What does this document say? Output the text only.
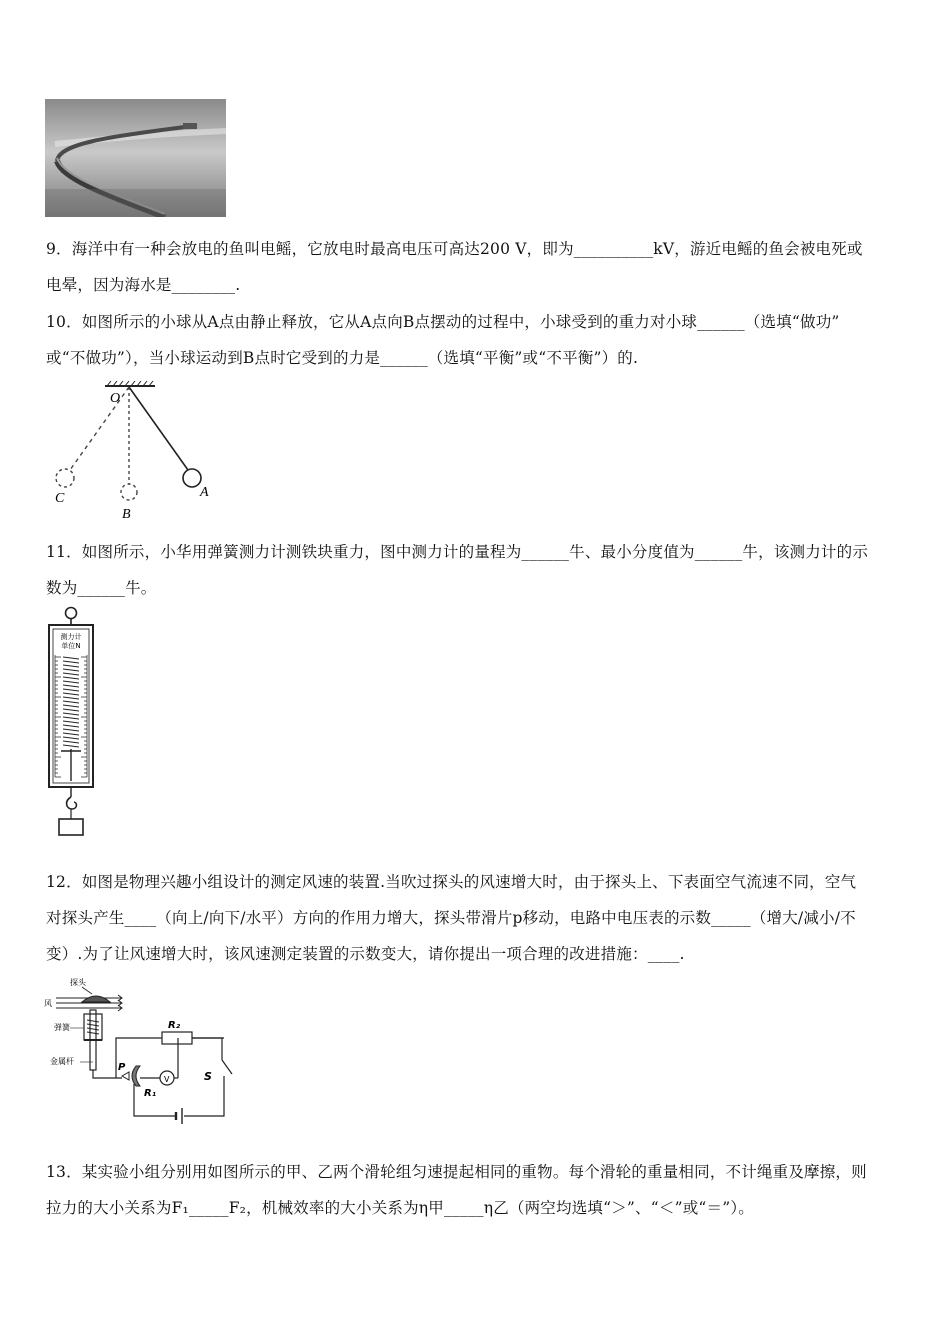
9．海洋中有一种会放电的鱼叫电鳐，它放电时最高电压可高达200 V，即为__________kV，游近电鳐的鱼会被电死或
电晕，因为海水是________.
10．如图所示的小球从A点由静止释放，它从A点向B点摆动的过程中，小球受到的重力对小球______（选填“做功”
或“不做功”），当小球运动到B点时它受到的力是______（选填“平衡”或“不平衡”）的.
O
A
B
C
11．如图所示，小华用弹簧测力计测铁块重力，图中测力计的量程为______牛、最小分度值为______牛，该测力计的示
数为______牛。
测力计
单位N
12．如图是物理兴趣小组设计的测定风速的装置.当吹过探头的风速增大时，由于探头上、下表面空气流速不同，空气
对探头产生____（向上/向下/水平）方向的作用力增大，探头带滑片p移动，电路中电压表的示数_____（增大/减小/不
变）.为了让风速增大时，该风速测定装置的示数变大，请你提出一项合理的改进措施：____.
探头
风
弹簧
金属杆
R₂
S
P
R₁
V
13．某实验小组分别用如图所示的甲、乙两个滑轮组匀速提起相同的重物。每个滑轮的重量相同，不计绳重及摩擦，则
拉力的大小关系为F₁_____F₂，机械效率的大小关系为η甲_____η乙（两空均选填“＞”、“＜”或“＝”）。
